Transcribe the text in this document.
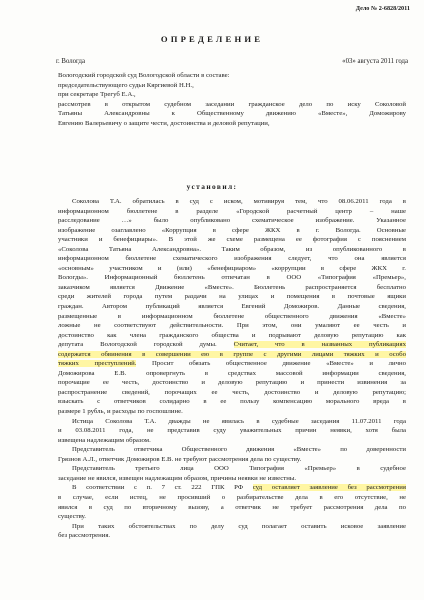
Дело № 2-6828/2011
ОПРЕДЕЛЕНИЕ
г. Вологда	«03» августа 2011 года
Вологодский городской суд Вологодской области в составе:
председательствующего судьи Кяргиевой Н.Н.,
при секретаре Трегуб Е.А.,
рассмотрев в открытом судебном заседании гражданское дело по иску Соколовой
Татьяны Александровны к Общественному движению «Вместе», Доможирову
Евгению Валерьевичу о защите чести, достоинства и деловой репутации,
установил:
Соколова Т.А. обратилась в суд с иском, мотивируя тем, что 08.06.2011 года в
информационном бюллетене в разделе «Городской расчетный центр – наше
расследование …» было опубликовано схематическое изображение. Указанное
изображение озаглавлено «Коррупция в сфере ЖКХ в г. Вологда. Основные
участники и бенефициары». В этой же схеме размещена ее фотография с пояснением
«Соколова Татьяна Александровна». Таким образом, из опубликованного в
информационном бюллетене схематического изображения следует, что она является
«основным» участником и (или) «бенефициаром» «коррупции в сфере ЖКХ г.
Вологды». Информационный бюллетень отпечатан в ООО «Типография «Премьер»,
заказчиком является Движение «Вместе». Бюллетень распространяется бесплатно
среди жителей города путем раздачи на улицах и помещения в почтовые ящики
граждан. Автором публикаций является Евгений Доможиров. Данные сведения,
размещенные в информационном бюллетене общественного движения «Вместе»
ложные не соответствуют действительности. При этом, они умаляют ее честь и
достоинство как члена гражданского общества и подрывают деловую репутацию как
депутата Вологодской городской думы. Считает, что в названных публикациях
содержатся обвинения в совершении ею в группе с другими лицами тяжких и особо
тяжких преступлений. Просит обязать общественное движение «Вместе» и лично
Доможирова Е.В. опровергнуть в средствах массовой информации сведения,
порочащие ее честь, достоинство и деловую репутацию и принести извинения за
распространение сведений, порочащих ее честь, достоинство и деловую репутацию;
взыскать с ответчиков солидарно в ее пользу компенсацию морального вреда в
размере 1 рубль, и расходы по госпошлине.
Истица Соколова Т.А. дважды не явилась в судебные заседания 11.07.2011 года
и 03.08.2011 года, не представив суду уважительных причин неявки, хотя была
извещена надлежащим образом.
Представитель ответчика Общественного движения «Вместе» по доверенности
Грязнов А.Л., ответчик Доможиров Е.В. не требуют рассмотрения дела по существу.
Представитель третьего лица ООО Типография «Премьер» в судебное
заседание не явился, извещен надлежащим образом, причины неявки не известны.
В соответствии с п. 7 ст. 222 ГПК РФ суд оставляет заявление без рассмотрения
в случае, если истец, не просивший о разбирательстве дела в его отсутствие, не
явился в суд по вторичному вызову, а ответчик не требует рассмотрения дела по
существу.
При таких обстоятельствах по делу суд полагает оставить исковое заявление
без рассмотрения.
